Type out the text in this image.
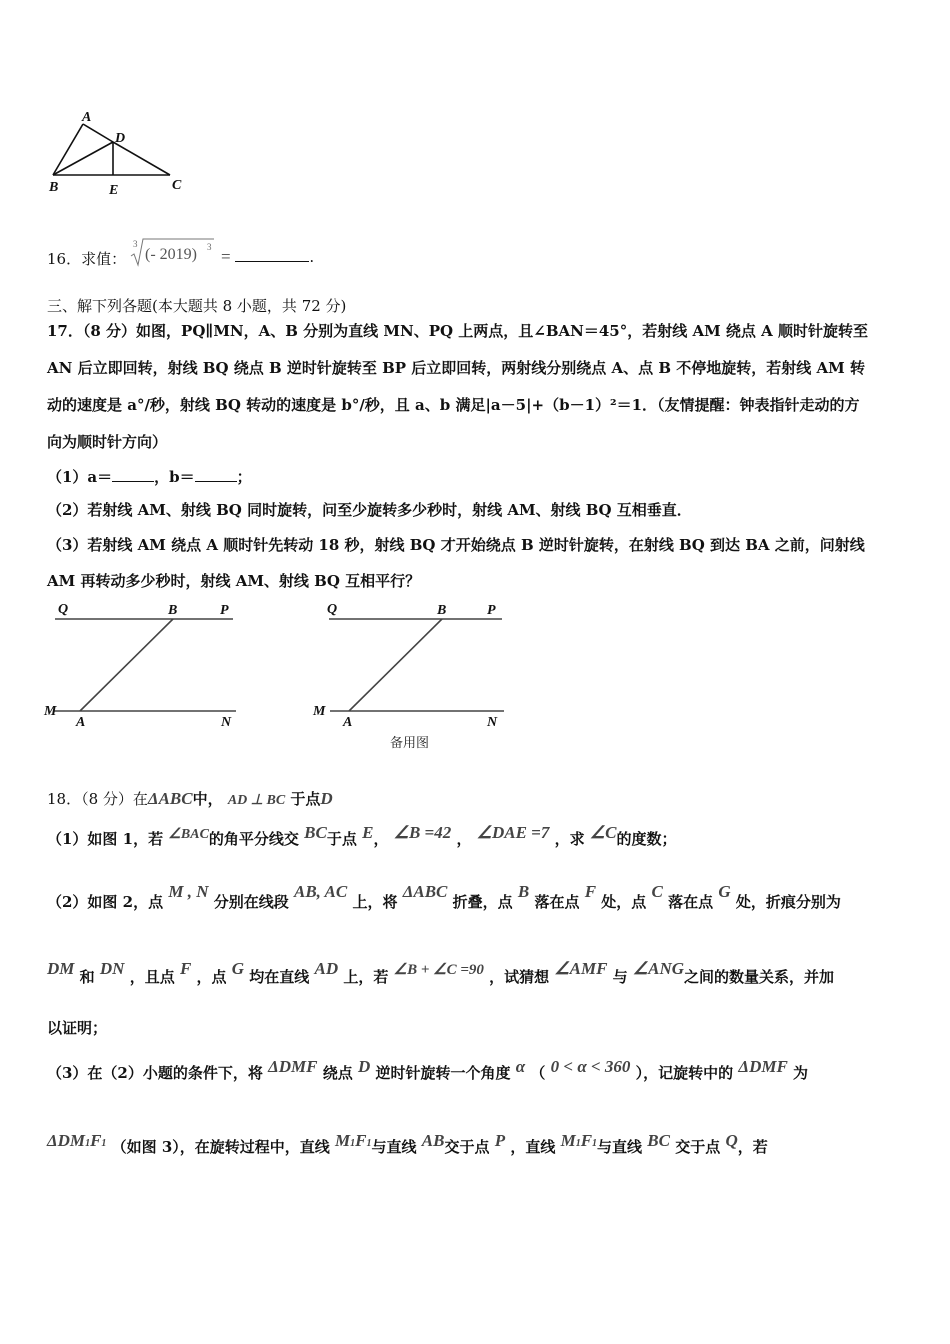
A
D
B	E	C
16．求值：
3
(- 2019) 3 =	.
三、解下列各题(本大题共 8 小题，共 72 分)
17．（8 分）如图，PQ∥MN，A、B 分别为直线 MN、PQ 上两点，且∠BAN＝45°，若射线 AM 绕点 A 顺时针旋转至
AN 后立即回转，射线 BQ 绕点 B 逆时针旋转至 BP 后立即回转，两射线分别绕点 A、点 B 不停地旋转，若射线 AM 转
动的速度是 a°/秒，射线 BQ 转动的速度是 b°/秒，且 a、b 满足|a－5|+（b－1）²＝1．（友情提醒：钟表指针走动的方
向为顺时针方向）
（1）a＝	，b＝	；
（2）若射线 AM、射线 BQ 同时旋转，问至少旋转多少秒时，射线 AM、射线 BQ 互相垂直．
（3）若射线 AM 绕点 A 顺时针先转动 18 秒，射线 BQ 才开始绕点 B 逆时针旋转，在射线 BQ 到达 BA 之前，问射线
AM 再转动多少秒时，射线 AM、射线 BQ 互相平行？
Q	B	P
M
A	N
Q	B	P
M
A	N
备用图
18．（8 分）在ΔABC中， AD ⊥ BC 于点D
（1）如图 1，若 ∠BAC的角平分线交 BC于点 E， ∠B =42 ， ∠DAE =7 ，求 ∠C的度数；
（2）如图 2，点 M , N 分别在线段 AB, AC 上，将 ΔABC 折叠，点 B 落在点 F 处，点 C 落在点 G 处，折痕分别为
DM 和 DN ，且点 F ，点 G 均在直线 AD 上，若 ∠B + ∠C =90 ，试猜想 ∠AMF 与 ∠ANG之间的数量关系，并加
以证明；
（3）在（2）小题的条件下，将 ΔDMF 绕点 D 逆时针旋转一个角度 α （ 0 < α < 360 ），记旋转中的 ΔDMF 为
ΔDM1F1 （如图 3），在旋转过程中，直线 M1F1与直线 AB交于点 P ，直线 M1F1与直线 BC 交于点 Q，若
